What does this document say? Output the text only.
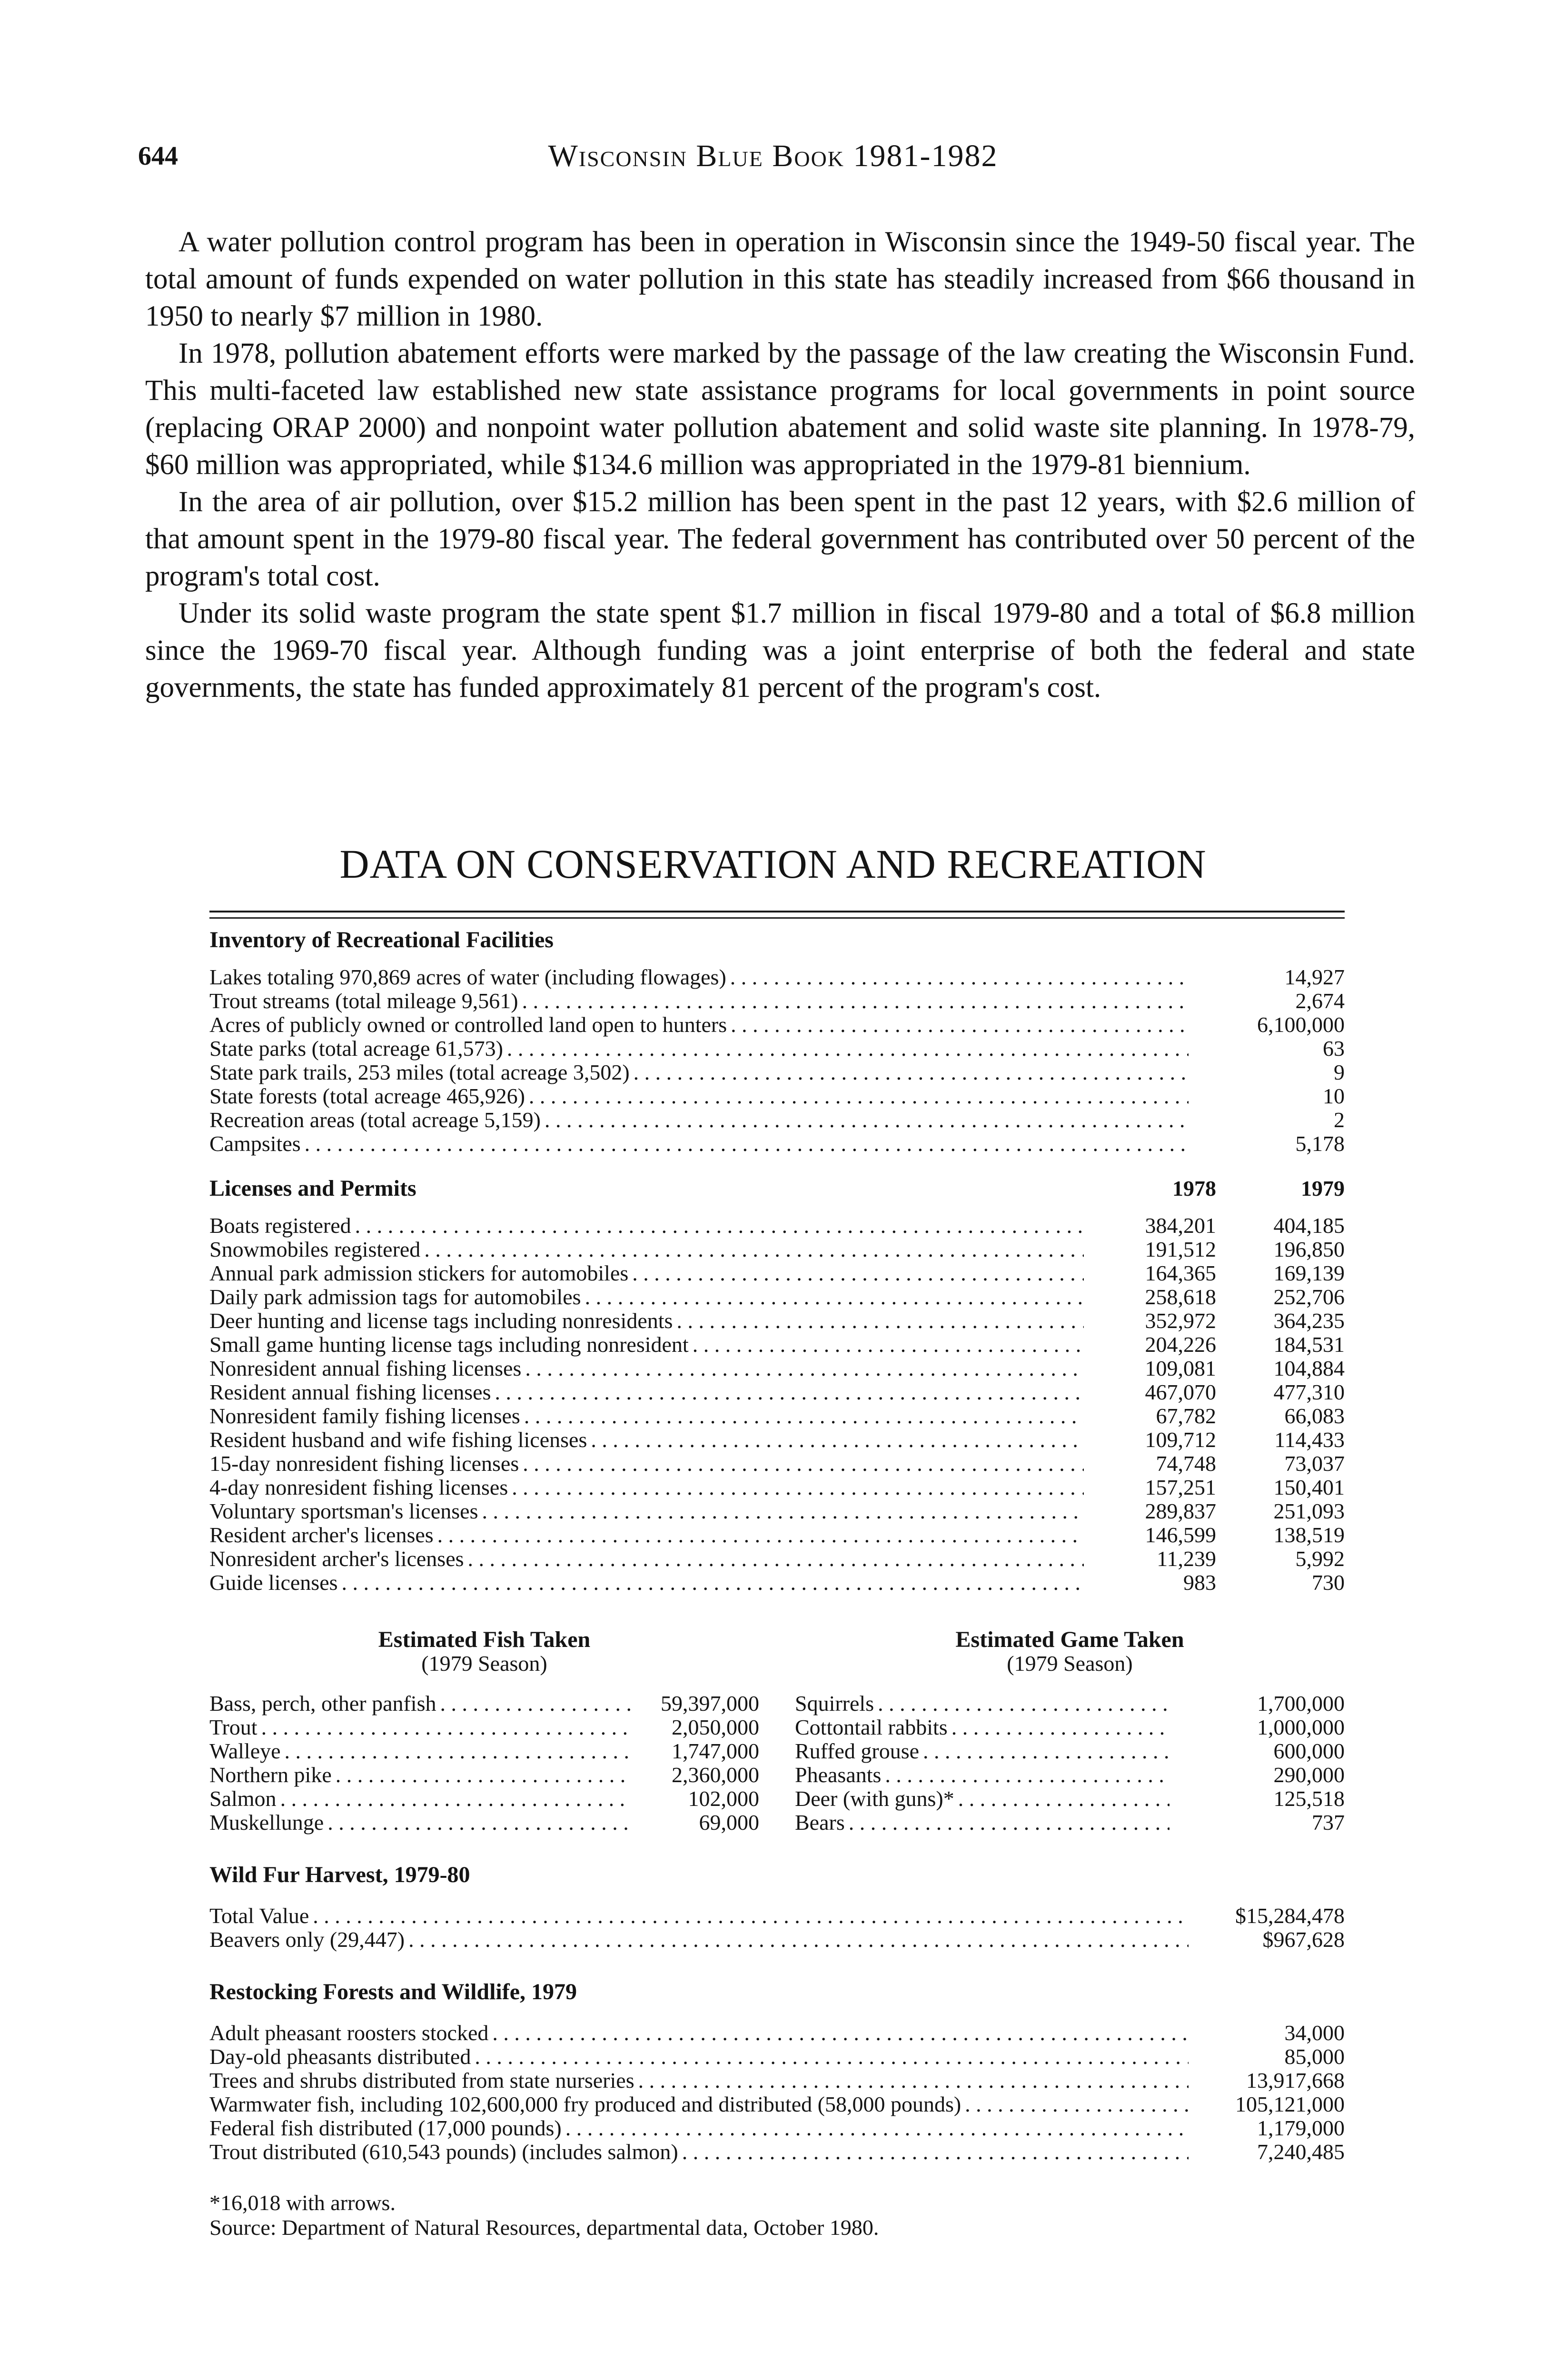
644	Wisconsin Blue Book 1981-1982

A water pollution control program has been in operation in Wisconsin since the 1949-50 fiscal year. The total amount of funds expended on water pollution in this state has steadily increased from $66 thousand in 1950 to nearly $7 million in 1980.

In 1978, pollution abatement efforts were marked by the passage of the law creating the Wisconsin Fund. This multi-faceted law established new state assistance programs for local governments in point source (replacing ORAP 2000) and nonpoint water pollution abatement and solid waste site planning. In 1978-79, $60 million was appropriated, while $134.6 million was appropriated in the 1979-81 biennium.

In the area of air pollution, over $15.2 million has been spent in the past 12 years, with $2.6 million of that amount spent in the 1979-80 fiscal year. The federal government has contributed over 50 percent of the program's total cost.

Under its solid waste program the state spent $1.7 million in fiscal 1979-80 and a total of $6.8 million since the 1969-70 fiscal year. Although funding was a joint enterprise of both the federal and state governments, the state has funded approximately 81 percent of the program's cost.

DATA ON CONSERVATION AND RECREATION
Inventory of Recreational Facilities
Lakes totaling 970,869 acres of water (including flowages) . . .	14,927
Trout streams (total mileage 9,561) . . .	2,674
Acres of publicly owned or controlled land open to hunters . . .	6,100,000
State parks (total acreage 61,573) . . .	63
State park trails, 253 miles (total acreage 3,502) . . .	9
State forests (total acreage 465,926) . . .	10
Recreation areas (total acreage 5,159) . . .	2
Campsites . . .	5,178
Licenses and Permits	1978	1979
Boats registered . . .	384,201	404,185
Snowmobiles registered . . .	191,512	196,850
Annual park admission stickers for automobiles . . .	164,365	169,139
Daily park admission tags for automobiles . . .	258,618	252,706
Deer hunting and license tags including nonresidents . . .	352,972	364,235
Small game hunting license tags including nonresident . . .	204,226	184,531
Nonresident annual fishing licenses . . .	109,081	104,884
Resident annual fishing licenses . . .	467,070	477,310
Nonresident family fishing licenses . . .	67,782	66,083
Resident husband and wife fishing licenses . . .	109,712	114,433
15-day nonresident fishing licenses . . .	74,748	73,037
4-day nonresident fishing licenses . . .	157,251	150,401
Voluntary sportsman's licenses . . .	289,837	251,093
Resident archer's licenses . . .	146,599	138,519
Nonresident archer's licenses . . .	11,239	5,992
Guide licenses . . .	983	730
Estimated Fish Taken
(1979 Season)
Bass, perch, other panfish . . .	59,397,000
Trout . . .	2,050,000
Walleye . . .	1,747,000
Northern pike . . .	2,360,000
Salmon . . .	102,000
Muskellunge . . .	69,000
Estimated Game Taken
(1979 Season)
Squirrels . . .	1,700,000
Cottontail rabbits . . .	1,000,000
Ruffed grouse . . .	600,000
Pheasants . . .	290,000
Deer (with guns)* . . .	125,518
Bears . . .	737
Wild Fur Harvest, 1979-80
Total Value . . .	$15,284,478
Beavers only (29,447) . . .	$967,628
Restocking Forests and Wildlife, 1979
Adult pheasant roosters stocked . . .	34,000
Day-old pheasants distributed . . .	85,000
Trees and shrubs distributed from state nurseries . . .	13,917,668
Warmwater fish, including 102,600,000 fry produced and distributed (58,000 pounds) . . .	105,121,000
Federal fish distributed (17,000 pounds) . . .	1,179,000
Trout distributed (610,543 pounds) (includes salmon) . . .	7,240,485
*16,018 with arrows.
Source: Department of Natural Resources, departmental data, October 1980.
